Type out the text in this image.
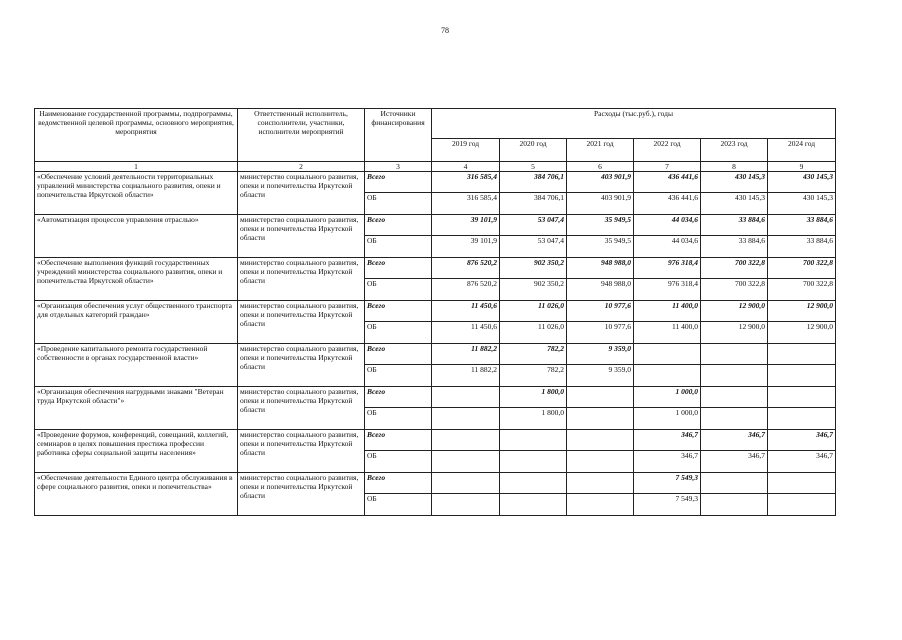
78
Наименование государственной программы, подпрограммы, ведомственной целевой программы, основного мероприятия, мероприятия	Ответственный исполнитель, соисполнители, участники, исполнители мероприятий	Источники финансирования	Расходы (тыс.руб.), годы					
			2019 год	2020 год	2021 год	2022 год	2023 год	2024 год
1	2	3	4	5	6	7	8	9
«Обеспечение условий деятельности территориальных управлений министерства социального развития, опеки и попечительства Иркутской области»	министерство социального развития, опеки и попечительства Иркутской области	Всего	316 585,4	384 706,1	403 901,9	436 441,6	430 145,3	430 145,3
		ОБ	316 585,4	384 706,1	403 901,9	436 441,6	430 145,3	430 145,3
«Автоматизация процессов управления отраслью»	министерство социального развития, опеки и попечительства Иркутской области	Всего	39 101,9	53 047,4	35 949,5	44 034,6	33 884,6	33 884,6
		ОБ	39 101,9	53 047,4	35 949,5	44 034,6	33 884,6	33 884,6
«Обеспечение выполнения функций государственных учреждений министерства социального развития, опеки и попечительства Иркутской области»	министерство социального развития, опеки и попечительства Иркутской области	Всего	876 520,2	902 350,2	948 988,0	976 318,4	700 322,8	700 322,8
		ОБ	876 520,2	902 350,2	948 988,0	976 318,4	700 322,8	700 322,8
«Организация обеспечения услуг общественного транспорта для отдельных категорий граждан»	министерство социального развития, опеки и попечительства Иркутской области	Всего	11 450,6	11 026,0	10 977,6	11 400,0	12 900,0	12 900,0
		ОБ	11 450,6	11 026,0	10 977,6	11 400,0	12 900,0	12 900,0
«Проведение капитального ремонта государственной собственности в органах государственной власти»	министерство социального развития, опеки и попечительства Иркутской области	Всего	11 882,2	782,2	9 359,0			
		ОБ	11 882,2	782,2	9 359,0			
«Организация обеспечения нагрудными знаками "Ветеран труда Иркутской области"»	министерство социального развития, опеки и попечительства Иркутской области	Всего		1 800,0		1 000,0		
		ОБ		1 800,0		1 000,0		
«Проведение форумов, конференций, совещаний, коллегий, семинаров в целях повышения престижа профессии работника сферы социальной защиты населения»	министерство социального развития, опеки и попечительства Иркутской области	Всего				346,7	346,7	346,7
		ОБ				346,7	346,7	346,7
«Обеспечение деятельности Единого центра обслуживания в сфере социального развития, опеки и попечительства»	министерство социального развития, опеки и попечительства Иркутской области	Всего				7 549,3		
		ОБ				7 549,3		
